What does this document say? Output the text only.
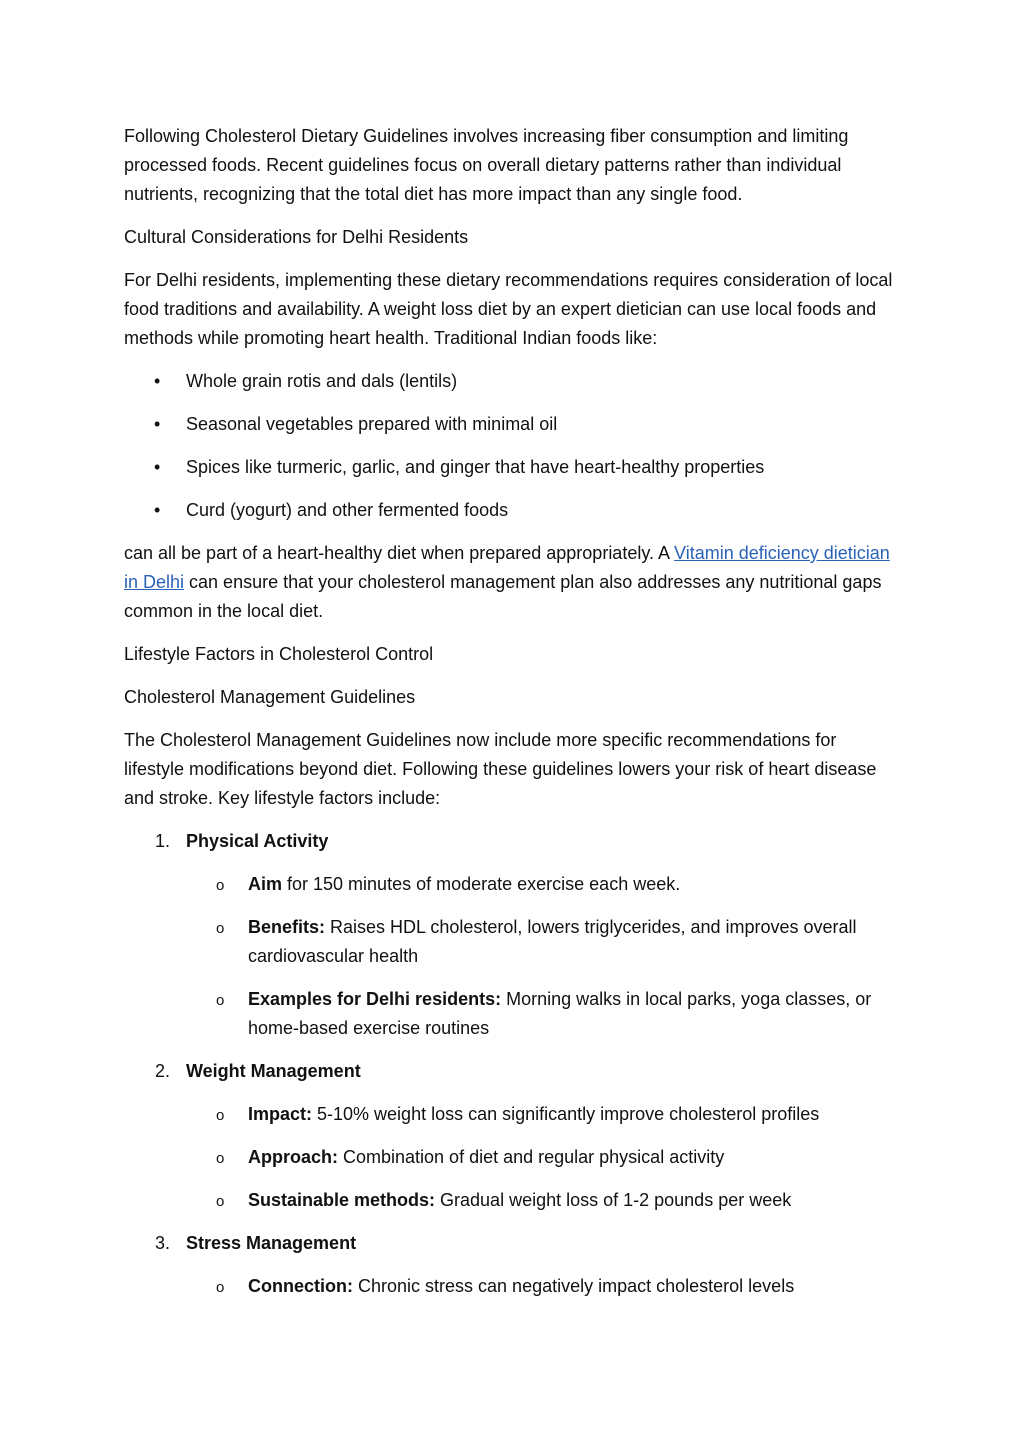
Following Cholesterol Dietary Guidelines involves increasing fiber consumption and limiting processed foods. Recent guidelines focus on overall dietary patterns rather than individual nutrients, recognizing that the total diet has more impact than any single food.

Cultural Considerations for Delhi Residents

For Delhi residents, implementing these dietary recommendations requires consideration of local food traditions and availability. A weight loss diet by an expert dietician can use local foods and methods while promoting heart health. Traditional Indian foods like:

• Whole grain rotis and dals (lentils)
• Seasonal vegetables prepared with minimal oil
• Spices like turmeric, garlic, and ginger that have heart-healthy properties
• Curd (yogurt) and other fermented foods

can all be part of a heart-healthy diet when prepared appropriately. A Vitamin deficiency dietician in Delhi can ensure that your cholesterol management plan also addresses any nutritional gaps common in the local diet.

Lifestyle Factors in Cholesterol Control

Cholesterol Management Guidelines

The Cholesterol Management Guidelines now include more specific recommendations for lifestyle modifications beyond diet. Following these guidelines lowers your risk of heart disease and stroke. Key lifestyle factors include:

1. Physical Activity
o Aim for 150 minutes of moderate exercise each week.
o Benefits: Raises HDL cholesterol, lowers triglycerides, and improves overall cardiovascular health
o Examples for Delhi residents: Morning walks in local parks, yoga classes, or home-based exercise routines
2. Weight Management
o Impact: 5-10% weight loss can significantly improve cholesterol profiles
o Approach: Combination of diet and regular physical activity
o Sustainable methods: Gradual weight loss of 1-2 pounds per week
3. Stress Management
o Connection: Chronic stress can negatively impact cholesterol levels
